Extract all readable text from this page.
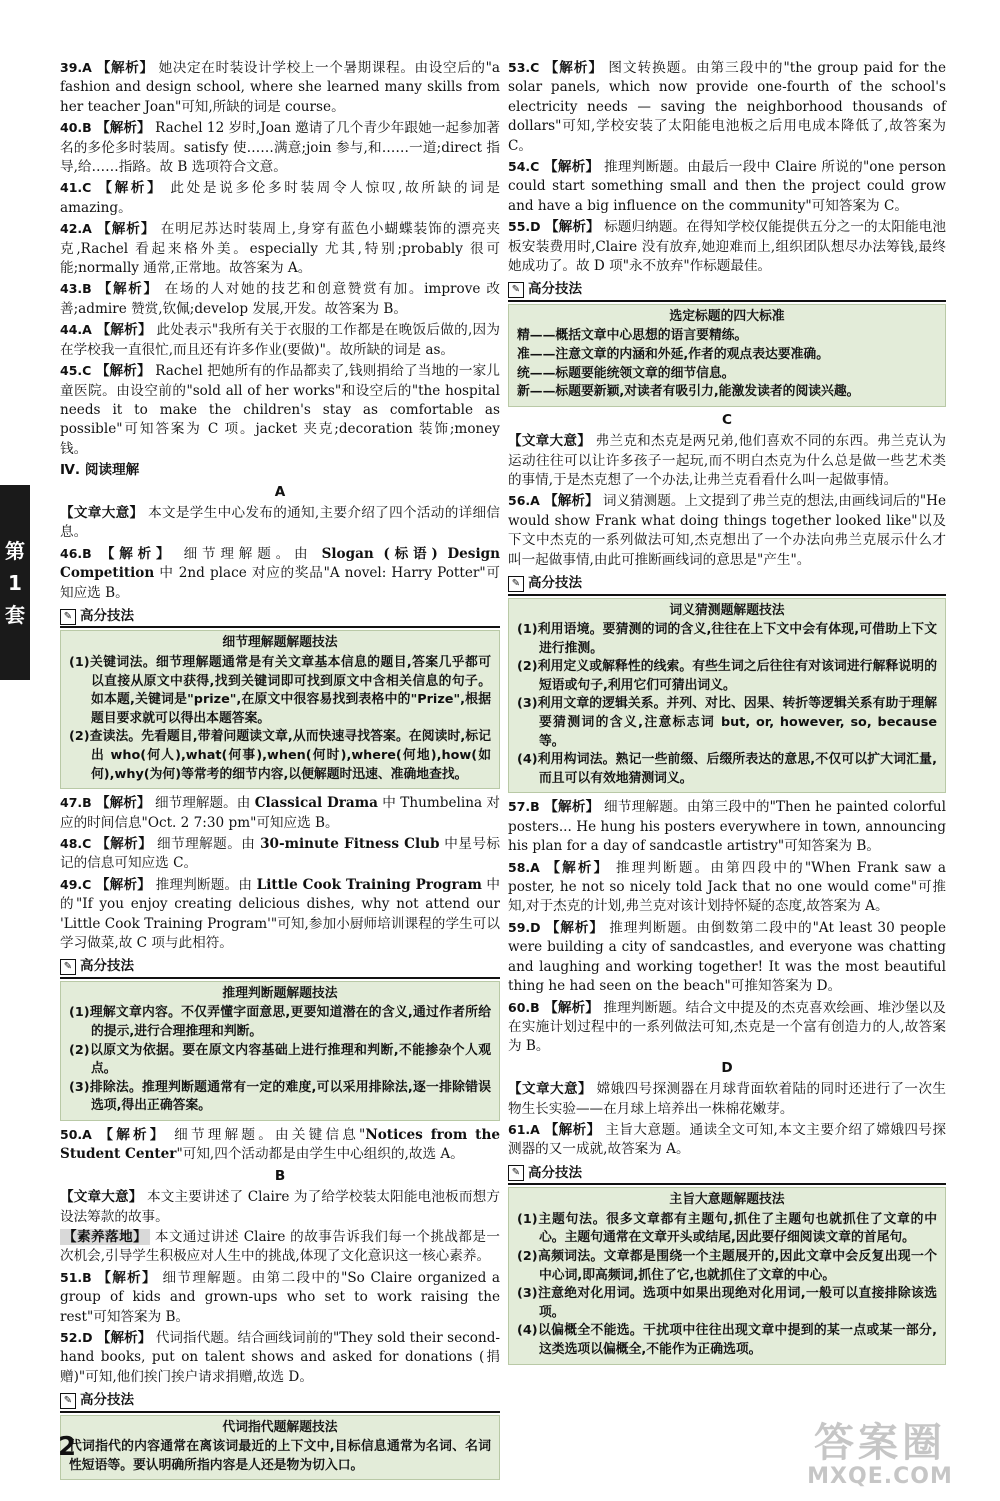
第
1
套
39.A 【解析】 她决定在时装设计学校上一个暑期课程。由设空后的"a fashion and design school, where she learned many skills from her teacher Joan"可知,所缺的词是 course。
40.B 【解析】 Rachel 12 岁时,Joan 邀请了几个青少年跟她一起参加著名的多伦多时装周。satisfy 使……满意;join 参与,和……一道;direct 指导,给……指路。故 B 选项符合文意。
41.C 【解析】 此处是说多伦多时装周令人惊叹,故所缺的词是 amazing。
42.A 【解析】 在明尼苏达时装周上,身穿有蓝色小蝴蝶装饰的漂亮夹克,Rachel 看起来格外美。especially 尤其,特别;probably 很可能;normally 通常,正常地。故答案为 A。
43.B 【解析】 在场的人对她的技艺和创意赞赏有加。improve 改善;admire 赞赏,钦佩;develop 发展,开发。故答案为 B。
44.A 【解析】 此处表示"我所有关于衣服的工作都是在晚饭后做的,因为在学校我一直很忙,而且还有许多作业(要做)"。故所缺的词是 as。
45.C 【解析】 Rachel 把她所有的作品都卖了,钱则捐给了当地的一家儿童医院。由设空前的"sold all of her works"和设空后的"the hospital needs it to make the children's stay as comfortable as possible"可知答案为 C 项。jacket 夹克;decoration 装饰;money 钱。
Ⅳ. 阅读理解
A
【文章大意】 本文是学生中心发布的通知,主要介绍了四个活动的详细信息。
46.B 【解析】 细节理解题。由 Slogan (标语) Design Competition 中 2nd place 对应的奖品"A novel: Harry Potter"可知应选 B。
✎ 高分技法
细节理解题解题技法
(1)关键词法。细节理解题通常是有关文章基本信息的题目,答案几乎都可以直接从原文中获得,找到关键词即可找到原文中含相关信息的句子。如本题,关键词是"prize",在原文中很容易找到表格中的"Prize",根据题目要求就可以得出本题答案。
(2)查读法。先看题目,带着问题读文章,从而快速寻找答案。在阅读时,标记出 who(何人),what(何事),when(何时),where(何地),how(如何),why(为何)等常考的细节内容,以便解题时迅速、准确地查找。
47.B 【解析】 细节理解题。由 Classical Drama 中 Thumbelina 对应的时间信息"Oct. 2 7:30 pm"可知应选 B。
48.C 【解析】 细节理解题。由 30-minute Fitness Club 中星号标记的信息可知应选 C。
49.C 【解析】 推理判断题。由 Little Cook Training Program 中的"If you enjoy creating delicious dishes, why not attend our 'Little Cook Training Program'"可知,参加小厨师培训课程的学生可以学习做菜,故 C 项与此相符。
✎ 高分技法
推理判断题解题技法
(1)理解文章内容。不仅弄懂字面意思,更要知道潜在的含义,通过作者所给的提示,进行合理推理和判断。
(2)以原文为依据。要在原文内容基础上进行推理和判断,不能掺杂个人观点。
(3)排除法。推理判断题通常有一定的难度,可以采用排除法,逐一排除错误选项,得出正确答案。
50.A 【解析】 细节理解题。由关键信息"Notices from the Student Center"可知,四个活动都是由学生中心组织的,故选 A。
B
【文章大意】 本文主要讲述了 Claire 为了给学校装太阳能电池板而想方设法筹款的故事。
【素养落地】 本文通过讲述 Claire 的故事告诉我们每一个挑战都是一次机会,引导学生积极应对人生中的挑战,体现了文化意识这一核心素养。
51.B 【解析】 细节理解题。由第二段中的"So Claire organized a group of kids and grown-ups who set to work raising the rest"可知答案为 B。
52.D 【解析】 代词指代题。结合画线词前的"They sold their second-hand books, put on talent shows and asked for donations (捐赠)"可知,他们挨门挨户请求捐赠,故选 D。
✎ 高分技法
代词指代题解题技法
代词指代的内容通常在离该词最近的上下文中,目标信息通常为名词、名词性短语等。要认明确所指内容是人还是物为切入口。
53.C 【解析】 图文转换题。由第三段中的"the group paid for the solar panels, which now provide one-fourth of the school's electricity needs — saving the neighborhood thousands of dollars"可知,学校安装了太阳能电池板之后用电成本降低了,故答案为 C。
54.C 【解析】 推理判断题。由最后一段中 Claire 所说的"one person could start something small and then the project could grow and have a big influence on the community"可知答案为 C。
55.D 【解析】 标题归纳题。在得知学校仅能提供五分之一的太阳能电池板安装费用时,Claire 没有放弃,她迎难而上,组织团队想尽办法筹钱,最终她成功了。故 D 项"永不放弃"作标题最佳。
✎ 高分技法
选定标题的四大标准
精——概括文章中心思想的语言要精练。
准——注意文章的内涵和外延,作者的观点表达要准确。
统——标题要能统领文章的细节信息。
新——标题要新颖,对读者有吸引力,能激发读者的阅读兴趣。
C
【文章大意】 弗兰克和杰克是两兄弟,他们喜欢不同的东西。弗兰克认为运动往往可以让许多孩子一起玩,而不明白杰克为什么总是做一些艺术类的事情,于是杰克想了一个办法,让弗兰克看看什么叫一起做事情。
56.A 【解析】 词义猜测题。上文提到了弗兰克的想法,由画线词后的"He would show Frank what doing things together looked like"以及下文中杰克的一系列做法可知,杰克想出了一个办法向弗兰克展示什么才叫一起做事情,由此可推断画线词的意思是"产生"。
✎ 高分技法
词义猜测题解题技法
(1)利用语境。要猜测的词的含义,往往在上下文中会有体现,可借助上下文进行推测。
(2)利用定义或解释性的线索。有些生词之后往往有对该词进行解释说明的短语或句子,利用它们可猜出词义。
(3)利用文章的逻辑关系。并列、对比、因果、转折等逻辑关系有助于理解要猜测词的含义,注意标志词 but, or, however, so, because 等。
(4)利用构词法。熟记一些前缀、后缀所表达的意思,不仅可以扩大词汇量,而且可以有效地猜测词义。
57.B 【解析】 细节理解题。由第三段中的"Then he painted colorful posters... He hung his posters everywhere in town, announcing his plan for a day of sandcastle artistry"可知答案为 B。
58.A 【解析】 推理判断题。由第四段中的"When Frank saw a poster, he not so nicely told Jack that no one would come"可推知,对于杰克的计划,弗兰克对该计划持怀疑的态度,故答案为 A。
59.D 【解析】 推理判断题。由倒数第二段中的"At least 30 people were building a city of sandcastles, and everyone was chatting and laughing and working together! It was the most beautiful thing he had seen on the beach"可推知答案为 D。
60.B 【解析】 推理判断题。结合文中提及的杰克喜欢绘画、堆沙堡以及在实施计划过程中的一系列做法可知,杰克是一个富有创造力的人,故答案为 B。
D
【文章大意】 嫦娥四号探测器在月球背面软着陆的同时还进行了一次生物生长实验——在月球上培养出一株棉花嫩芽。
61.A 【解析】 主旨大意题。通读全文可知,本文主要介绍了嫦娥四号探测器的又一成就,故答案为 A。
✎ 高分技法
主旨大意题解题技法
(1)主题句法。很多文章都有主题句,抓住了主题句也就抓住了文章的中心。主题句通常在文章开头或结尾,因此要仔细阅读文章的首尾句。
(2)高频词法。文章都是围绕一个主题展开的,因此文章中会反复出现一个中心词,即高频词,抓住了它,也就抓住了文章的中心。
(3)注意绝对化用词。选项中如果出现绝对化用词,一般可以直接排除该选项。
(4)以偏概全不能选。干扰项中往往出现文章中提到的某一点或某一部分,这类选项以偏概全,不能作为正确选项。
2	答案圈
MXQE.COM
